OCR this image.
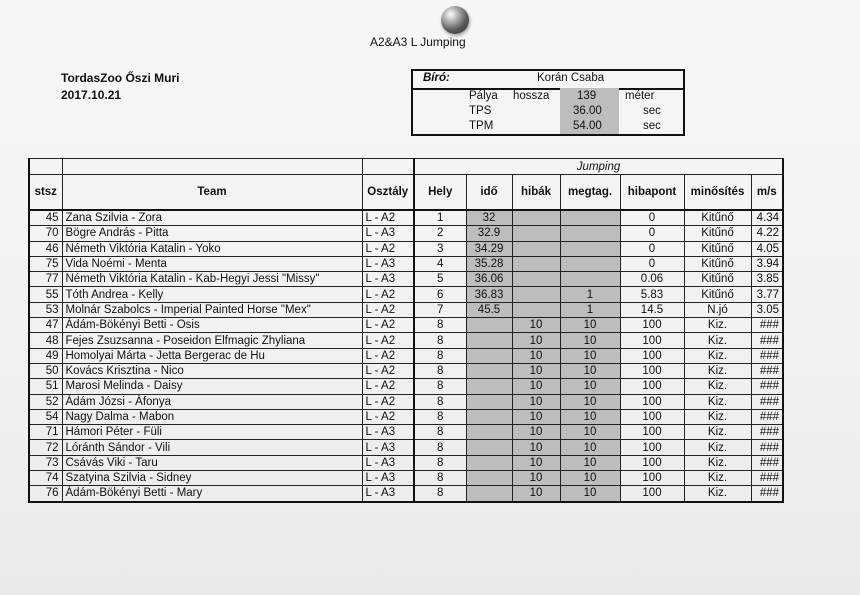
A2&A3 L Jumping
TordasZoo Őszi Muri
2017.10.21
Bíró:	Korán Csaba
Pálya hossza 139	méter
TPS	36.00	sec
TPM	54.00	sec
			Jumping						
stsz	Team	Osztály	Hely	idő	hibák	megtag.	hibapont	minősítés	m/s
45	Zana Szilvia - Zora	L - A2	1	32			0	Kitűnő	4.34
70	Bögre András - Pitta	L - A3	2	32.9			0	Kitűnő	4.22
46	Németh Viktória Katalin - Yoko	L - A2	3	34.29			0	Kitűnő	4.05
75	Vida Noémi - Menta	L - A3	4	35.28			0	Kitűnő	3.94
77	Németh Viktória Katalin - Kab-Hegyi Jessi "Missy"	L - A3	5	36.06			0.06	Kitűnő	3.85
55	Tóth Andrea - Kelly	L - A2	6	36.83		1	5.83	Kitűnő	3.77
53	Molnár Szabolcs - Imperial Painted Horse "Mex"	L - A2	7	45.5		1	14.5	N.jó	3.05
47	Ádám-Bökényi Betti - Osis	L - A2	8		10	10	100	Kiz.	###
48	Fejes Zsuzsanna - Poseidon Elfmagic Zhyliana	L - A2	8		10	10	100	Kiz.	###
49	Homolyai Márta - Jetta Bergerac de Hu	L - A2	8		10	10	100	Kiz.	###
50	Kovács Krisztina - Nico	L - A2	8		10	10	100	Kiz.	###
51	Marosi Melinda - Daisy	L - A2	8		10	10	100	Kiz.	###
52	Ádám Józsi - Áfonya	L - A2	8		10	10	100	Kiz.	###
54	Nagy Dalma - Mabon	L - A2	8		10	10	100	Kiz.	###
71	Hámori Péter - Füli	L - A3	8		10	10	100	Kiz.	###
72	Lóránth Sándor - Vili	L - A3	8		10	10	100	Kiz.	###
73	Csávás Viki - Taru	L - A3	8		10	10	100	Kiz.	###
74	Szatyina Szilvia - Sidney	L - A3	8		10	10	100	Kiz.	###
76	Ádám-Bökényi Betti - Mary	L - A3	8		10	10	100	Kiz.	###
